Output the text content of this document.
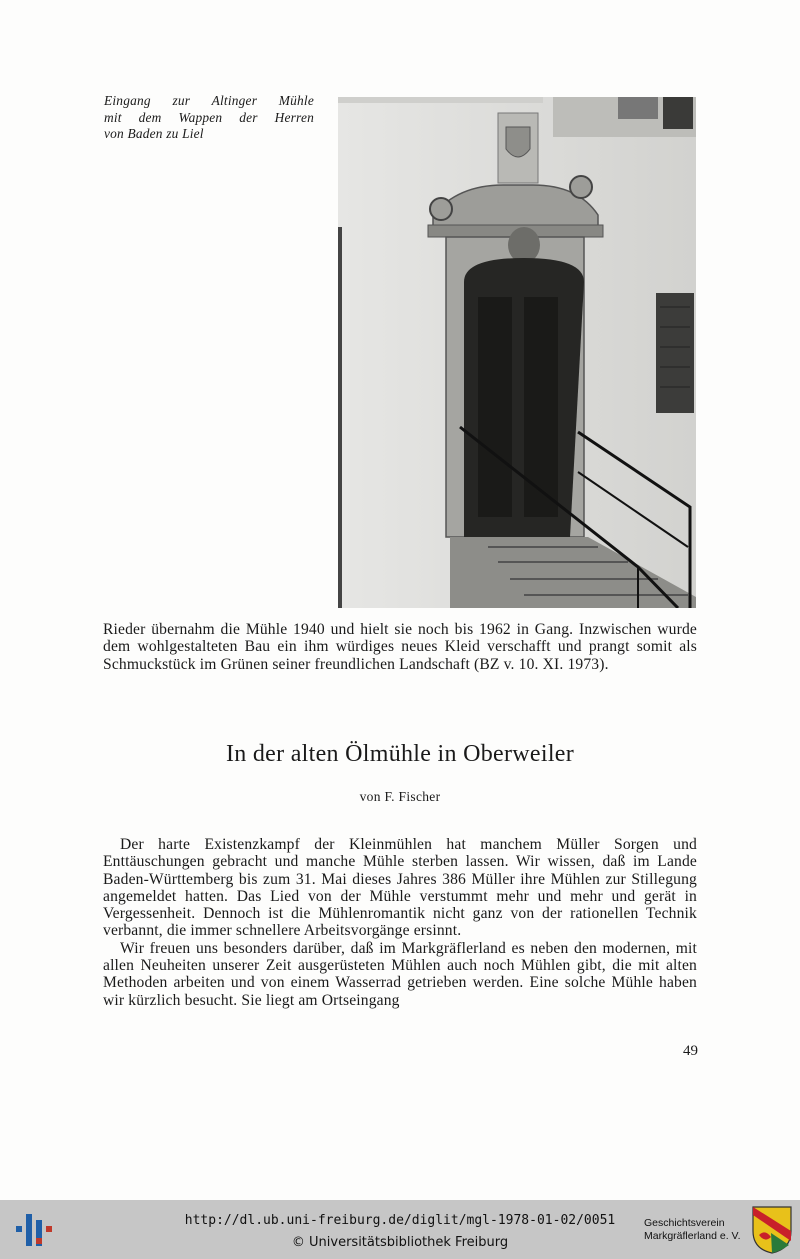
Eingang zur Altinger Mühle
mit dem Wappen der Herren
von Baden zu Liel

Rieder übernahm die Mühle 1940 und hielt sie noch bis 1962 in Gang. Inzwischen wurde dem wohlgestalteten Bau ein ihm würdiges neues Kleid verschafft und prangt somit als Schmuckstück im Grünen seiner freundlichen Landschaft (BZ v. 10. XI. 1973).

In der alten Ölmühle in Oberweiler
von F. Fischer

Der harte Existenzkampf der Kleinmühlen hat manchem Müller Sorgen und Enttäuschungen gebracht und manche Mühle sterben lassen. Wir wissen, daß im Lande Baden-Württemberg bis zum 31. Mai dieses Jahres 386 Müller ihre Mühlen zur Stillegung angemeldet hatten. Das Lied von der Mühle verstummt mehr und mehr und gerät in Vergessenheit. Dennoch ist die Mühlenromantik nicht ganz von der rationellen Technik verbannt, die immer schnellere Arbeitsvorgänge ersinnt.

Wir freuen uns besonders darüber, daß im Markgräflerland es neben den modernen, mit allen Neuheiten unserer Zeit ausgerüsteten Mühlen auch noch Mühlen gibt, die mit alten Methoden arbeiten und von einem Wasserrad getrieben werden. Eine solche Mühle haben wir kürzlich besucht. Sie liegt am Ortseingang

49
http://dl.ub.uni-freiburg.de/diglit/mgl-1978-01-02/0051
© Universitätsbibliothek Freiburg
Geschichtsverein
Markgräflerland e. V.
